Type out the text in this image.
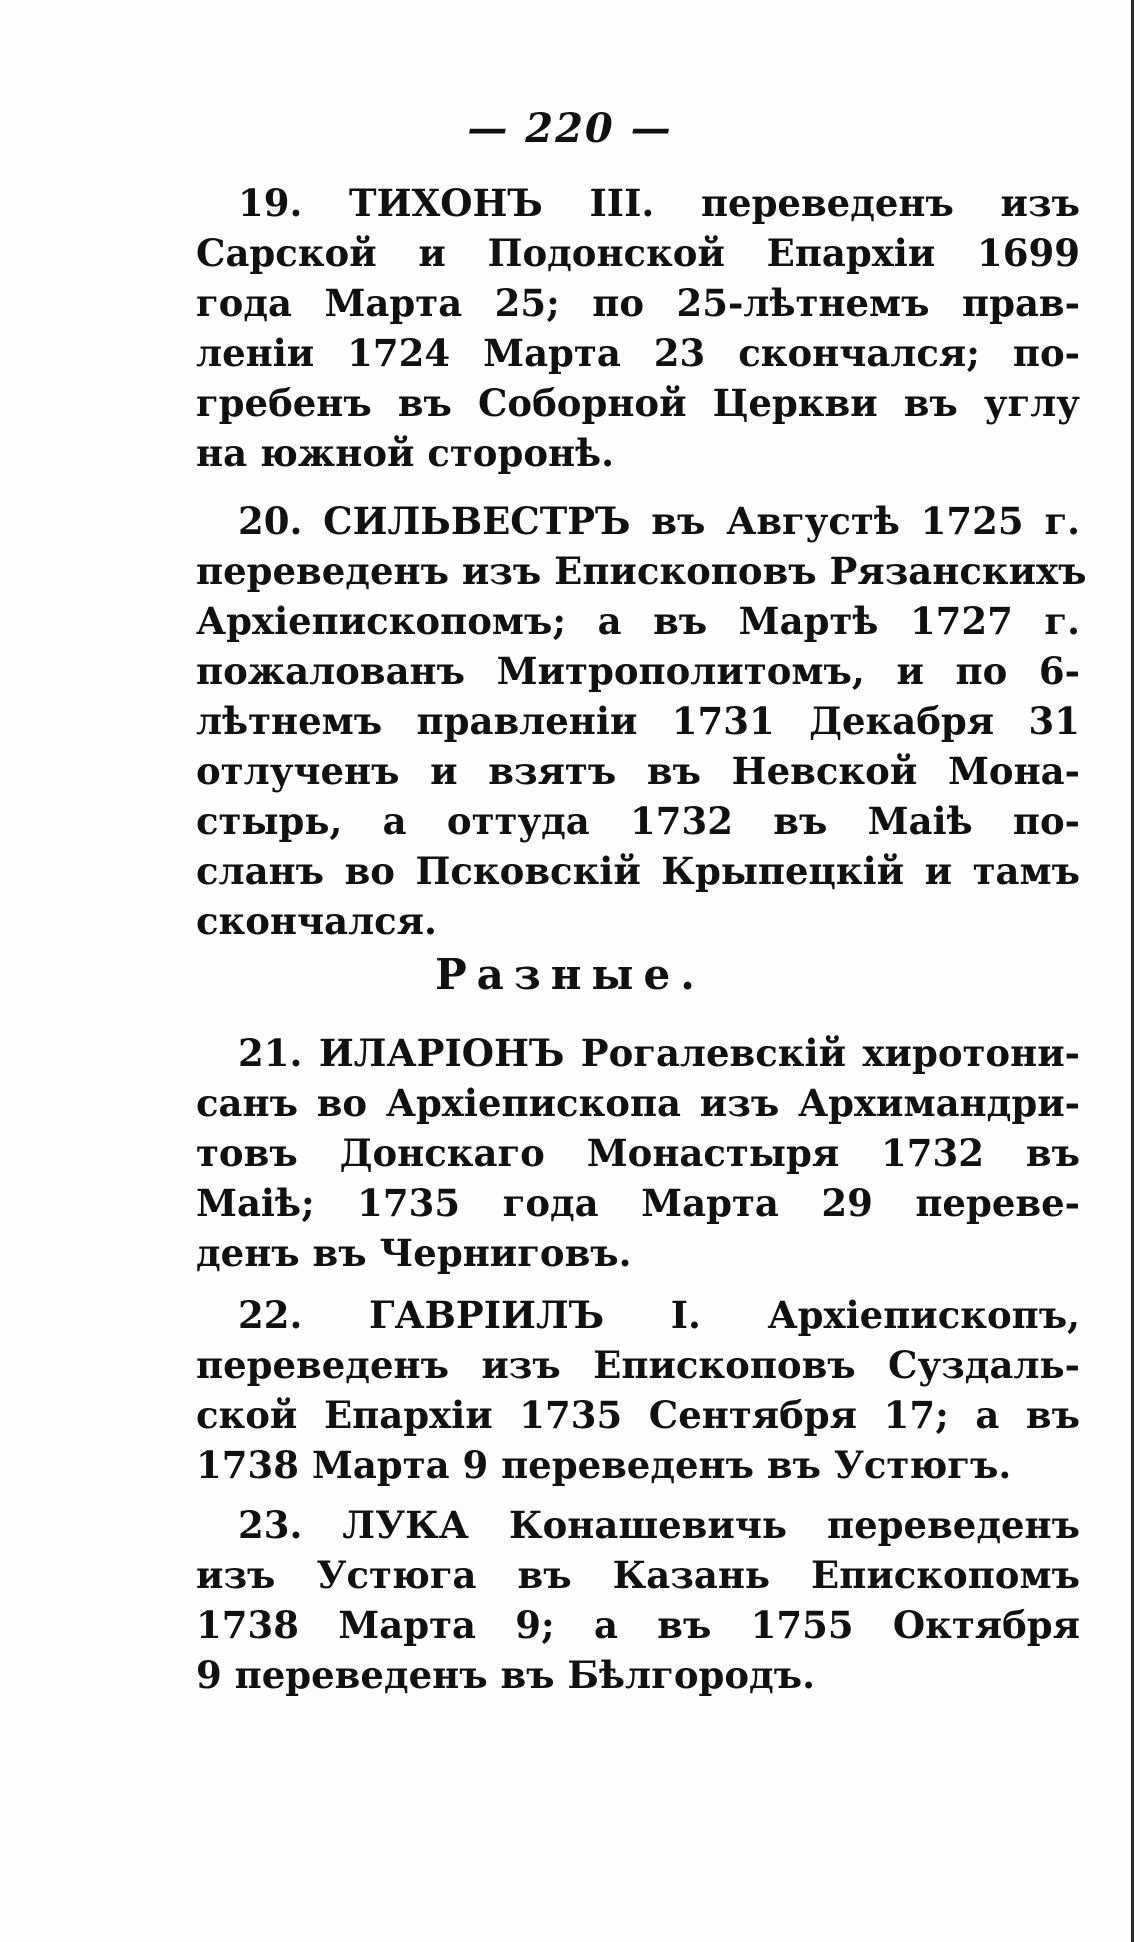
— 220 —
19. ТИХОНЪ III. переведенъ изъ
Сарской и Подонской Епархіи 1699
года Марта 25; по 25-лѣтнемъ прав-
леніи 1724 Марта 23 скончался; по-
гребенъ въ Соборной Церкви въ углу
на южной сторонѣ.
20. СИЛЬВЕСТРЪ въ Августѣ 1725 г.
переведенъ изъ Епископовъ Рязанскихъ
Архіепископомъ; а въ Мартѣ 1727 г.
пожалованъ Митрополитомъ, и по 6-
лѣтнемъ правленіи 1731 Декабря 31
отлученъ и взятъ въ Невской Мона-
стырь, а оттуда 1732 въ Маіѣ по-
сланъ во Псковскій Крыпецкій и тамъ
скончался.
Разные.
21. ИЛАРІОНЪ Рогалевскій хиротони-
санъ во Архіепископа изъ Архимандри-
товъ Донскаго Монастыря 1732 въ
Маіѣ; 1735 года Марта 29 переве-
денъ въ Черниговъ.
22. ГАВРІИЛЪ I. Архіепископъ,
переведенъ изъ Епископовъ Суздаль-
ской Епархіи 1735 Сентября 17; а въ
1738 Марта 9 переведенъ въ Устюгъ.
23. ЛУКА Конашевичь переведенъ
изъ Устюга въ Казань Епископомъ
1738 Марта 9; а въ 1755 Октября
9 переведенъ въ Бѣлгородъ.
